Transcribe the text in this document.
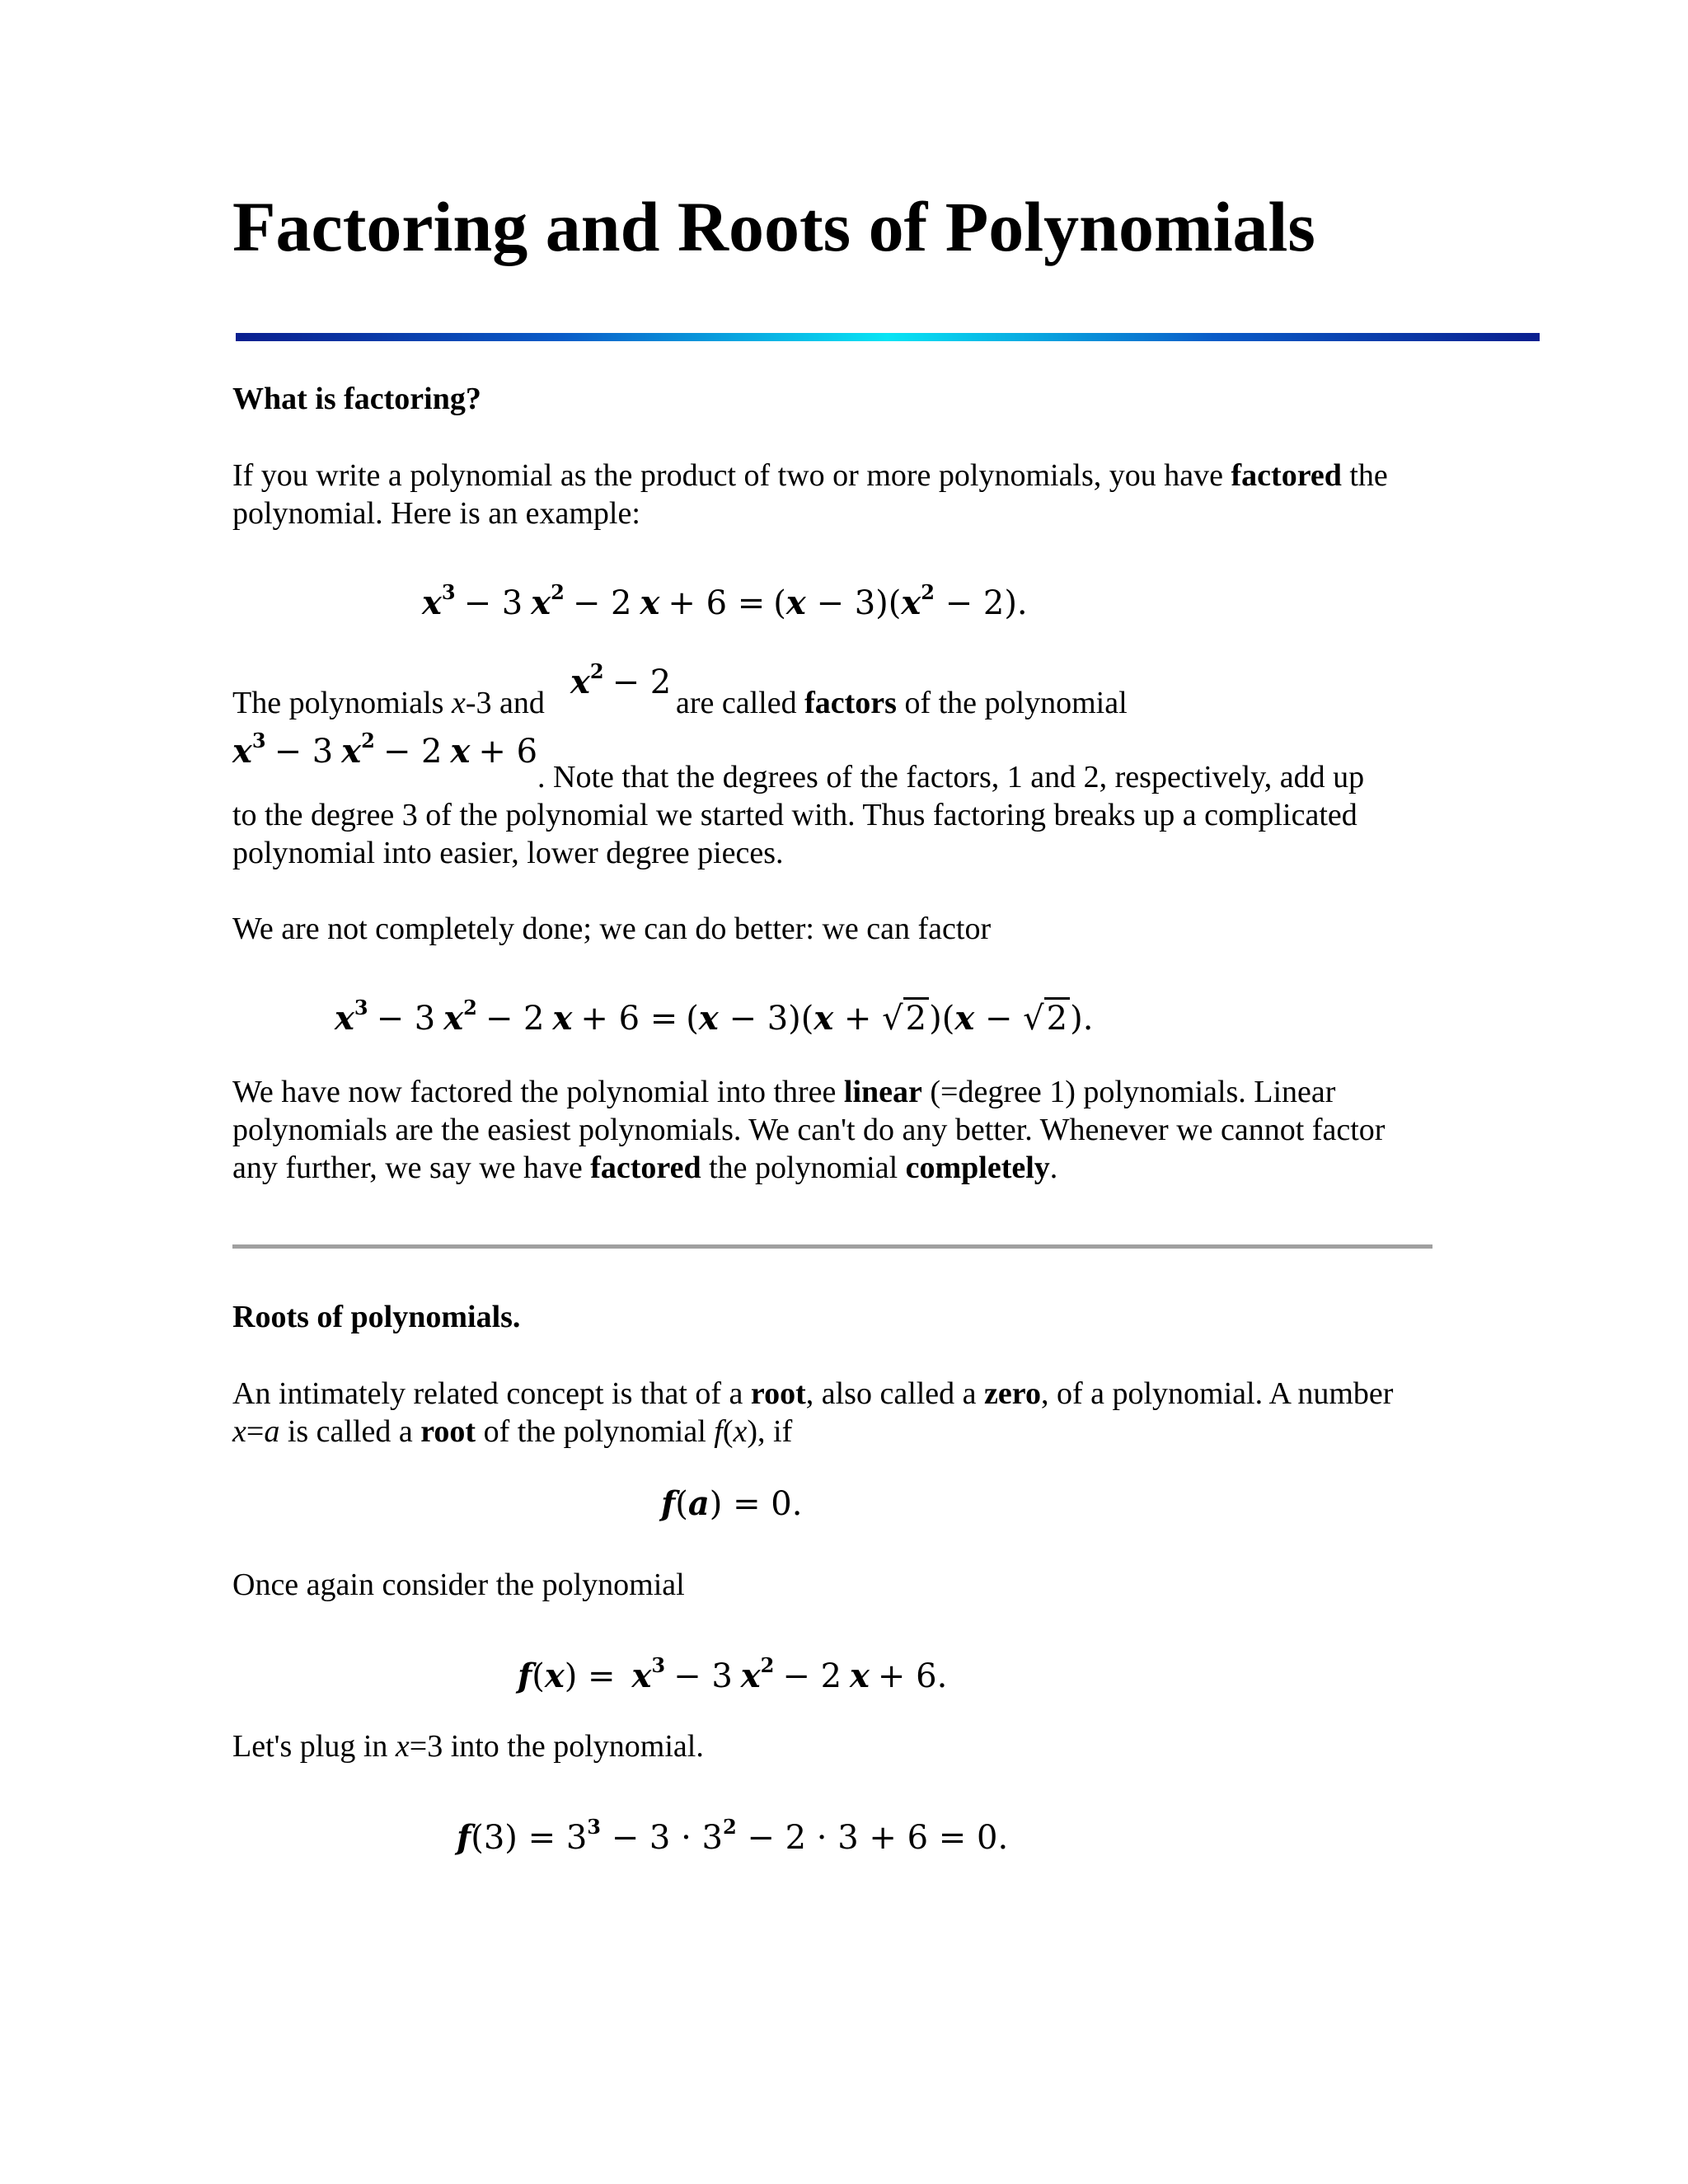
Factoring and Roots of Polynomials
What is factoring?

If you write a polynomial as the product of two or more polynomials, you have factored the polynomial. Here is an example:

$x^3 - 3$ $x^2 - 2$ $x + 6 = (x - 3)(x^2 - 2)$.
$x^2 - 2$
The polynomials x-3 and	are called factors of the polynomial
$x^3 - 3$ $x^2 - 2$ x + 6
. Note that the degrees of the factors, 1 and 2, respectively, add up

to the degree 3 of the polynomial we started with. Thus factoring breaks up a complicated polynomial into easier, lower degree pieces.

We are not completely done; we can do better: we can factor

$x^3 - 3$ $x^2 - 2$ x + 6 = (x − 3)(x + √2)(x − √2).

We have now factored the polynomial into three linear (=degree 1) polynomials. Linear polynomials are the easiest polynomials. We can't do any better. Whenever we cannot factor any further, we say we have factored the polynomial completely.

Roots of polynomials.

An intimately related concept is that of a root, also called a zero, of a polynomial. A number x=a is called a root of the polynomial f(x), if

f(a) = 0.

Once again consider the polynomial

$f(x) = x^3 - 3$ $x^2 - 2$ x + 6.

Let's plug in x=3 into the polynomial.

$f(3) = 3^3 - 3 \cdot 3^2 - 2 \cdot 3 + 6 = 0$.
